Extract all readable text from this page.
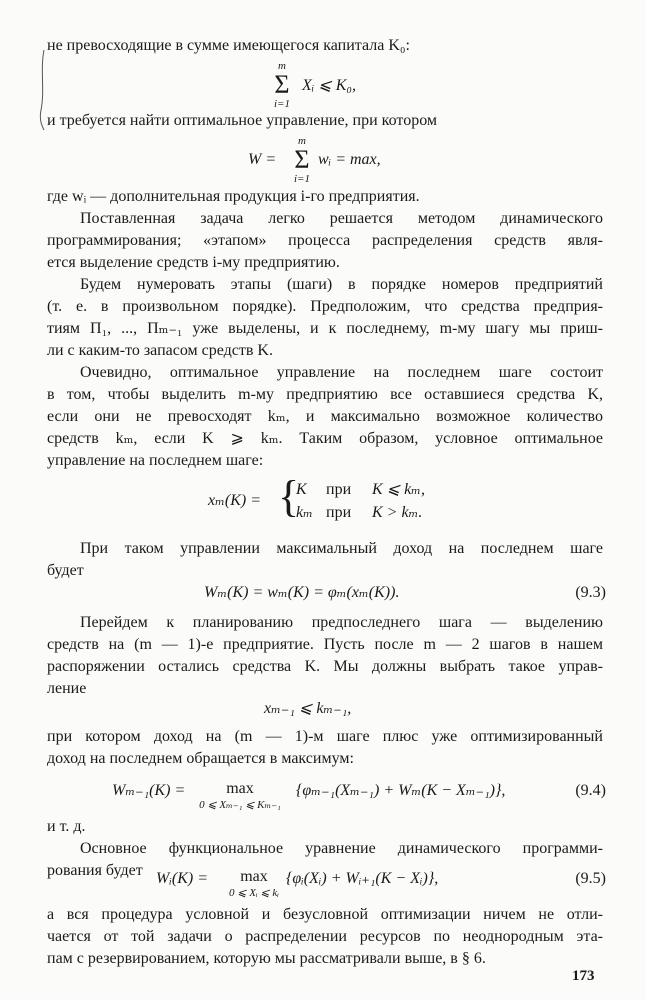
не превосходящие в сумме имеющегося капитала K₀:
m
Σ
i=1
Xᵢ ⩽ K₀,
и требуется найти оптимальное управление, при котором
W =
m
Σ
i=1
wᵢ = max,
где wᵢ — дополнительная продукция i-го предприятия.
Поставленная задача легко решается методом динамического
программирования; «этапом» процесса распределения средств явля-
ется выделение средств i-му предприятию.
Будем нумеровать этапы (шаги) в порядке номеров предприятий
(т. е. в произвольном порядке). Предположим, что средства предприя-
тиям П₁, ..., Пₘ₋₁ уже выделены, и к последнему, m-му шагу мы приш-
ли с каким-то запасом средств K.
Очевидно, оптимальное управление на последнем шаге состоит
в том, чтобы выделить m-му предприятию все оставшиеся средства K,
если они не превосходят kₘ, и максимально возможное количество
средств kₘ, если K ⩾ kₘ. Таким образом, условное оптимальное
управление на последнем шаге:
xₘ(K) = {
K при K ⩽ kₘ,
kₘ при K > kₘ.
При таком управлении максимальный доход на последнем шаге
будет
Wₘ(K) = wₘ(K) = φₘ(xₘ(K)).	(9.3)
Перейдем к планированию предпоследнего шага — выделению
средств на (m — 1)-е предприятие. Пусть после m — 2 шагов в нашем
распоряжении остались средства K. Мы должны выбрать такое управ-
ление
xₘ₋₁ ⩽ kₘ₋₁,
при котором доход на (m — 1)-м шаге плюс уже оптимизированный
доход на последнем обращается в максимум:
Wₘ₋₁(K) =	max
0 ⩽ Xₘ₋₁ ⩽ Kₘ₋₁
{φₘ₋₁(Xₘ₋₁) + Wₘ(K − Xₘ₋₁)},	(9.4)
и т. д.
Основное функциональное уравнение динамического программи-
рования будет Wᵢ(K) =	max
0 ⩽ Xᵢ ⩽ kᵢ
{φᵢ(Xᵢ) + Wᵢ₊₁(K − Xᵢ)},	(9.5)
а вся процедура условной и безусловной оптимизации ничем не отли-
чается от той задачи о распределении ресурсов по неоднородным эта-
пам с резервированием, которую мы рассматривали выше, в § 6.
173
